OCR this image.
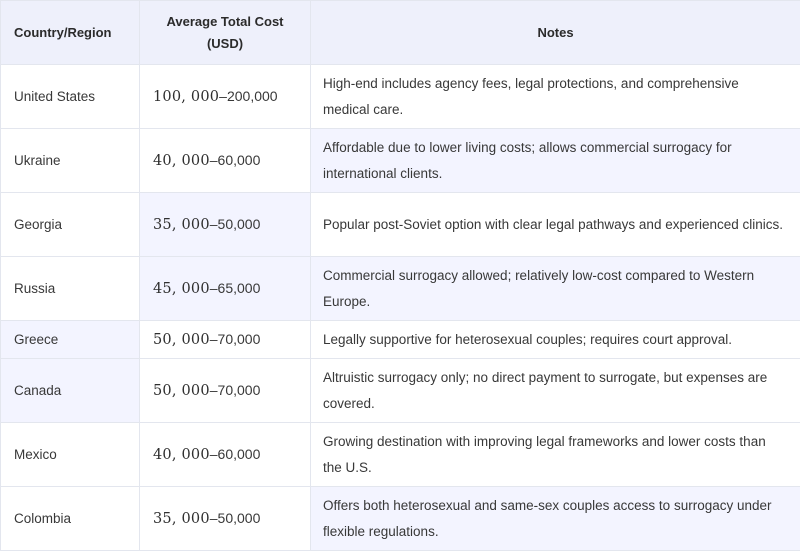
Country/Region	Average Total Cost (USD)	Notes
United States	100, 000–200,000	High-end includes agency fees, legal protections, and comprehensive medical care.
Ukraine	40, 000–60,000	Affordable due to lower living costs; allows commercial surrogacy for international clients.
Georgia	35, 000–50,000	Popular post-Soviet option with clear legal pathways and experienced clinics.
Russia	45, 000–65,000	Commercial surrogacy allowed; relatively low-cost compared to Western Europe.
Greece	50, 000–70,000	Legally supportive for heterosexual couples; requires court approval.
Canada	50, 000–70,000	Altruistic surrogacy only; no direct payment to surrogate, but expenses are covered.
Mexico	40, 000–60,000	Growing destination with improving legal frameworks and lower costs than the U.S.
Colombia	35, 000–50,000	Offers both heterosexual and same-sex couples access to surrogacy under flexible regulations.
